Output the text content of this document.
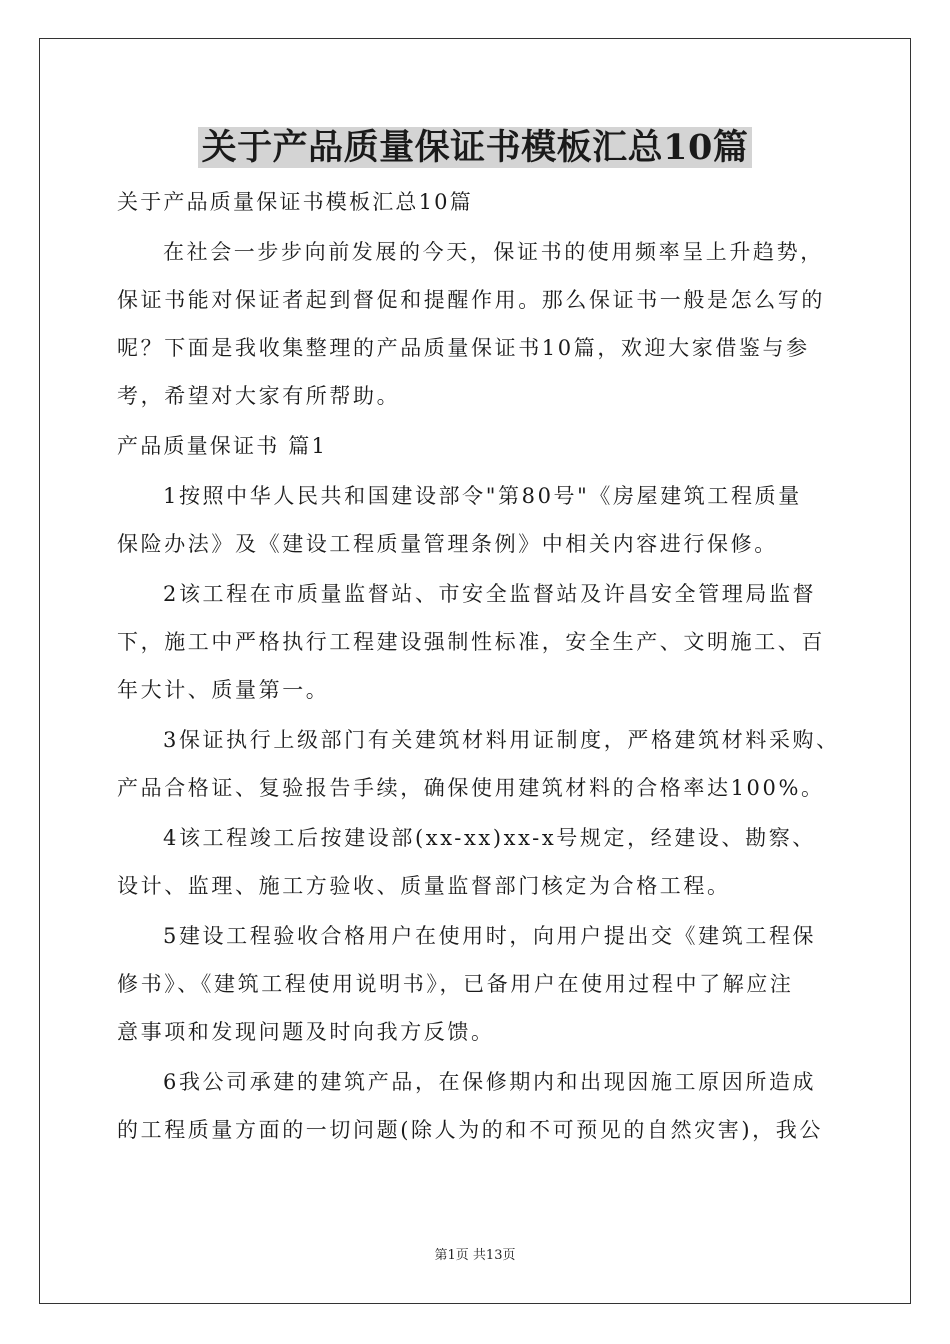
关于产品质量保证书模板汇总10篇
关于产品质量保证书模板汇总10篇
在社会一步步向前发展的今天，保证书的使用频率呈上升趋势，
保证书能对保证者起到督促和提醒作用。那么保证书一般是怎么写的
呢？下面是我收集整理的产品质量保证书10篇，欢迎大家借鉴与参
考，希望对大家有所帮助。
产品质量保证书 篇1
1按照中华人民共和国建设部令"第80号"《房屋建筑工程质量
保险办法》及《建设工程质量管理条例》中相关内容进行保修。
2该工程在市质量监督站、市安全监督站及许昌安全管理局监督
下，施工中严格执行工程建设强制性标准，安全生产、文明施工、百
年大计、质量第一。
3保证执行上级部门有关建筑材料用证制度，严格建筑材料采购、
产品合格证、复验报告手续，确保使用建筑材料的合格率达100%。
4该工程竣工后按建设部(xx-xx)xx-x号规定，经建设、勘察、
设计、监理、施工方验收、质量监督部门核定为合格工程。
5建设工程验收合格用户在使用时，向用户提出交《建筑工程保
修书》、《建筑工程使用说明书》，已备用户在使用过程中了解应注
意事项和发现问题及时向我方反馈。
6我公司承建的建筑产品，在保修期内和出现因施工原因所造成
的工程质量方面的一切问题(除人为的和不可预见的自然灾害)，我公
第1页 共13页
